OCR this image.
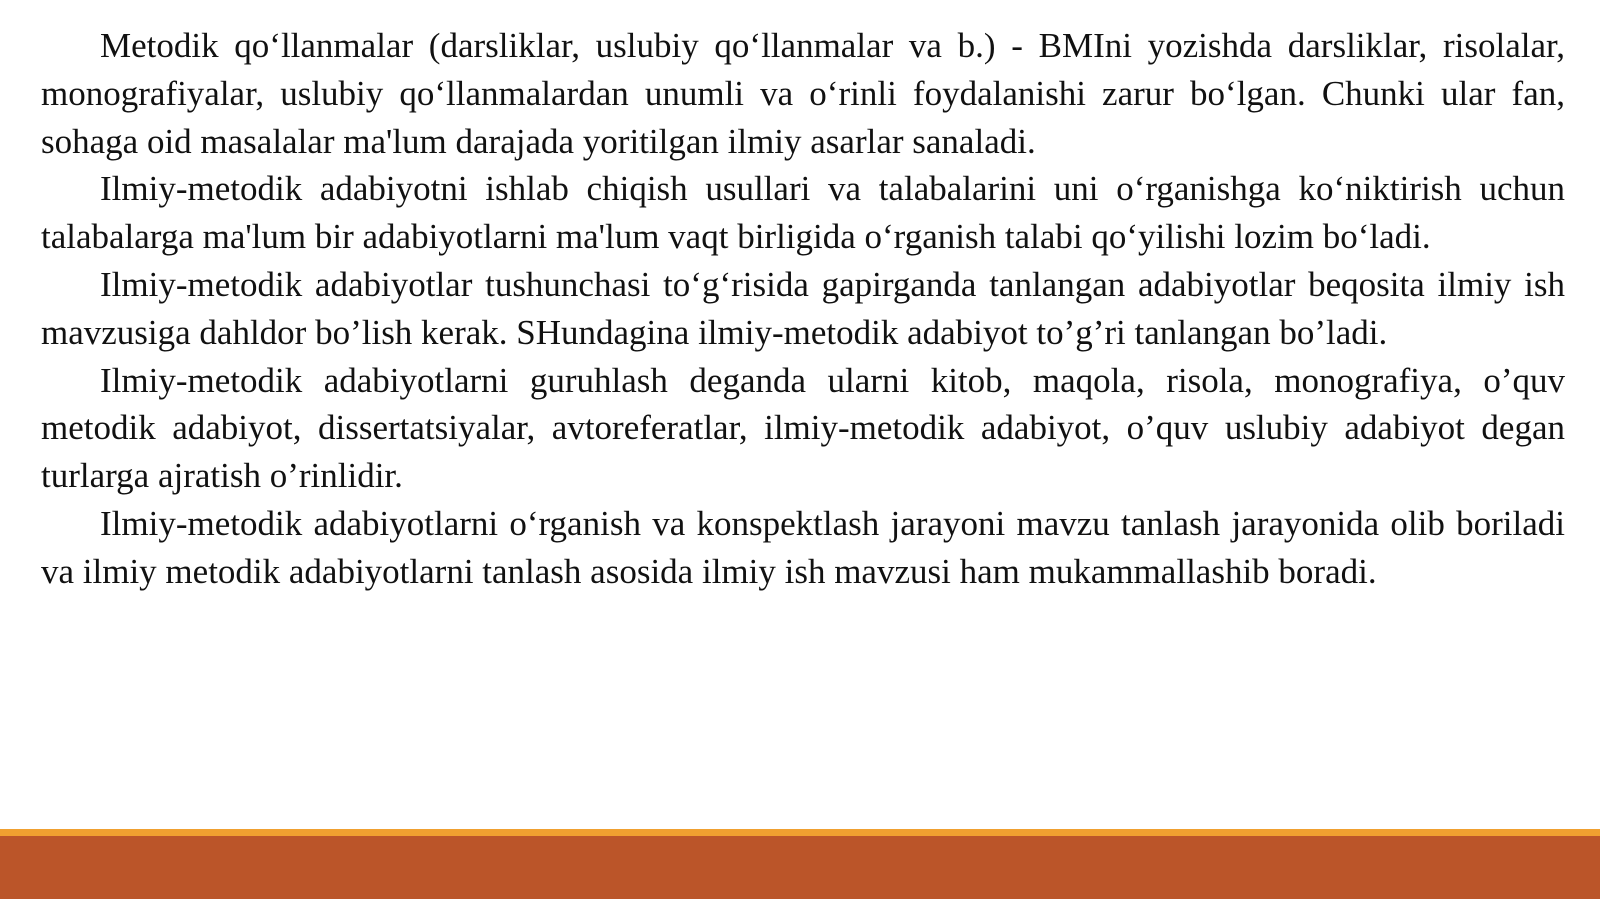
Metodik qo‘llanmalar (darsliklar, uslubiy qo‘llanmalar va b.) - BMIni yozishda darsliklar, risolalar, monografiyalar, uslubiy qo‘llanmalardan unumli va o‘rinli foydalanishi zarur bo‘lgan. Chunki ular fan, sohaga oid masalalar ma'lum darajada yoritilgan ilmiy asarlar sanaladi.

Ilmiy-metodik adabiyotni ishlab chiqish usullari va talabalarini uni o‘rganishga ko‘niktirish uchun talabalarga ma'lum bir adabiyotlarni ma'lum vaqt birligida o‘rganish talabi qo‘yilishi lozim bo‘ladi.

Ilmiy-metodik adabiyotlar tushunchasi to‘g‘risida gapirganda tanlangan adabiyotlar beqosita ilmiy ish mavzusiga dahldor bo’lish kerak. SHundagina ilmiy-metodik adabiyot to’g’ri tanlangan bo’ladi.

Ilmiy-metodik adabiyotlarni guruhlash deganda ularni kitob, maqola, risola, monografiya, o’quv metodik adabiyot, dissertatsiyalar, avtoreferatlar, ilmiy-metodik adabiyot, o’quv uslubiy adabiyot degan turlarga ajratish o’rinlidir.

Ilmiy-metodik adabiyotlarni o‘rganish va konspektlash jarayoni mavzu tanlash jarayonida olib boriladi va ilmiy metodik adabiyotlarni tanlash asosida ilmiy ish mavzusi ham mukammallashib boradi.
